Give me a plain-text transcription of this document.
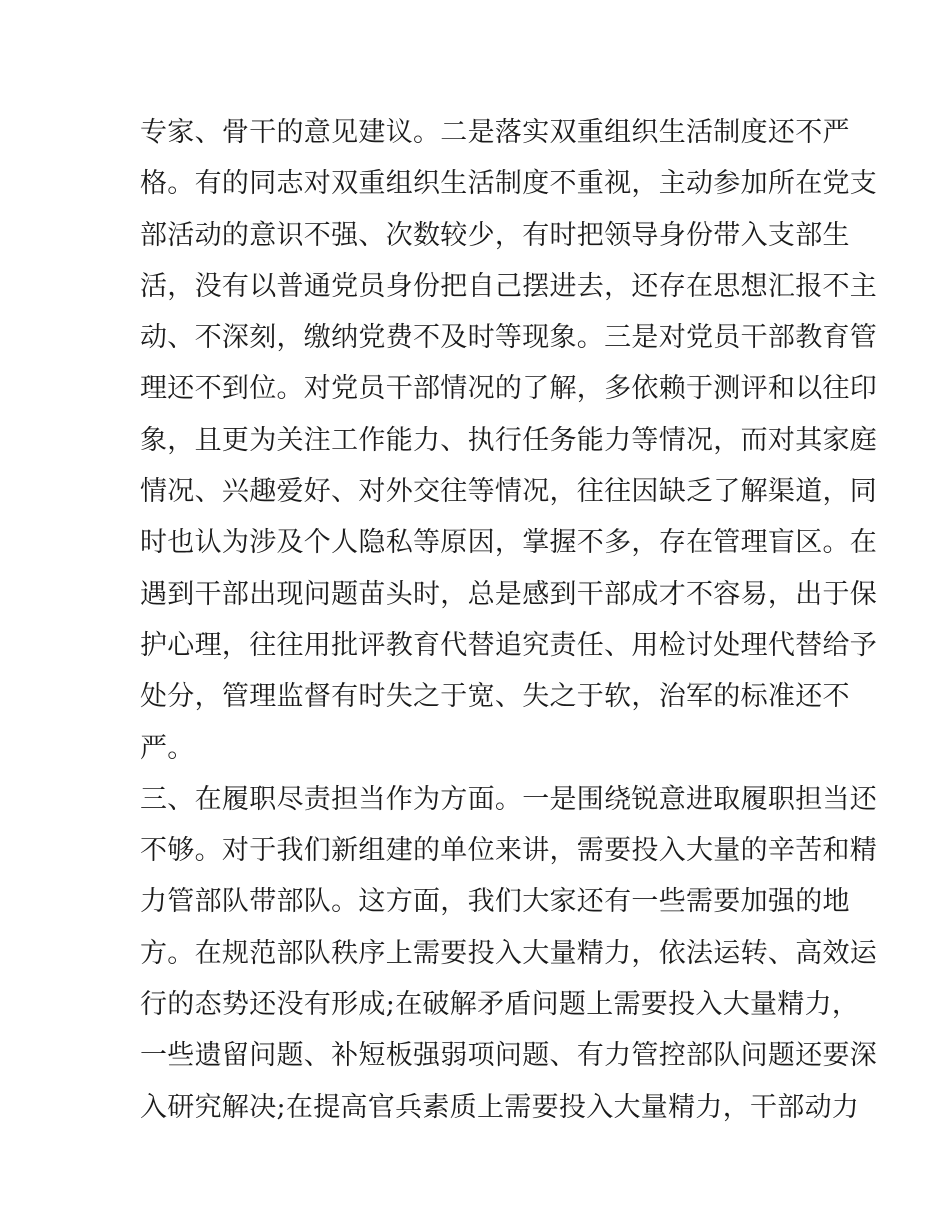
专家、骨干的意见建议。二是落实双重组织生活制度还不严
格。有的同志对双重组织生活制度不重视，主动参加所在党支
部活动的意识不强、次数较少，有时把领导身份带入支部生
活，没有以普通党员身份把自己摆进去，还存在思想汇报不主
动、不深刻，缴纳党费不及时等现象。三是对党员干部教育管
理还不到位。对党员干部情况的了解，多依赖于测评和以往印
象，且更为关注工作能力、执行任务能力等情况，而对其家庭
情况、兴趣爱好、对外交往等情况，往往因缺乏了解渠道，同
时也认为涉及个人隐私等原因，掌握不多，存在管理盲区。在
遇到干部出现问题苗头时，总是感到干部成才不容易，出于保
护心理，往往用批评教育代替追究责任、用检讨处理代替给予
处分，管理监督有时失之于宽、失之于软，治军的标准还不
严。
三、在履职尽责担当作为方面。一是围绕锐意进取履职担当还
不够。对于我们新组建的单位来讲，需要投入大量的辛苦和精
力管部队带部队。这方面，我们大家还有一些需要加强的地
方。在规范部队秩序上需要投入大量精力，依法运转、高效运
行的态势还没有形成;在破解矛盾问题上需要投入大量精力，
一些遗留问题、补短板强弱项问题、有力管控部队问题还要深
入研究解决;在提高官兵素质上需要投入大量精力，干部动力
